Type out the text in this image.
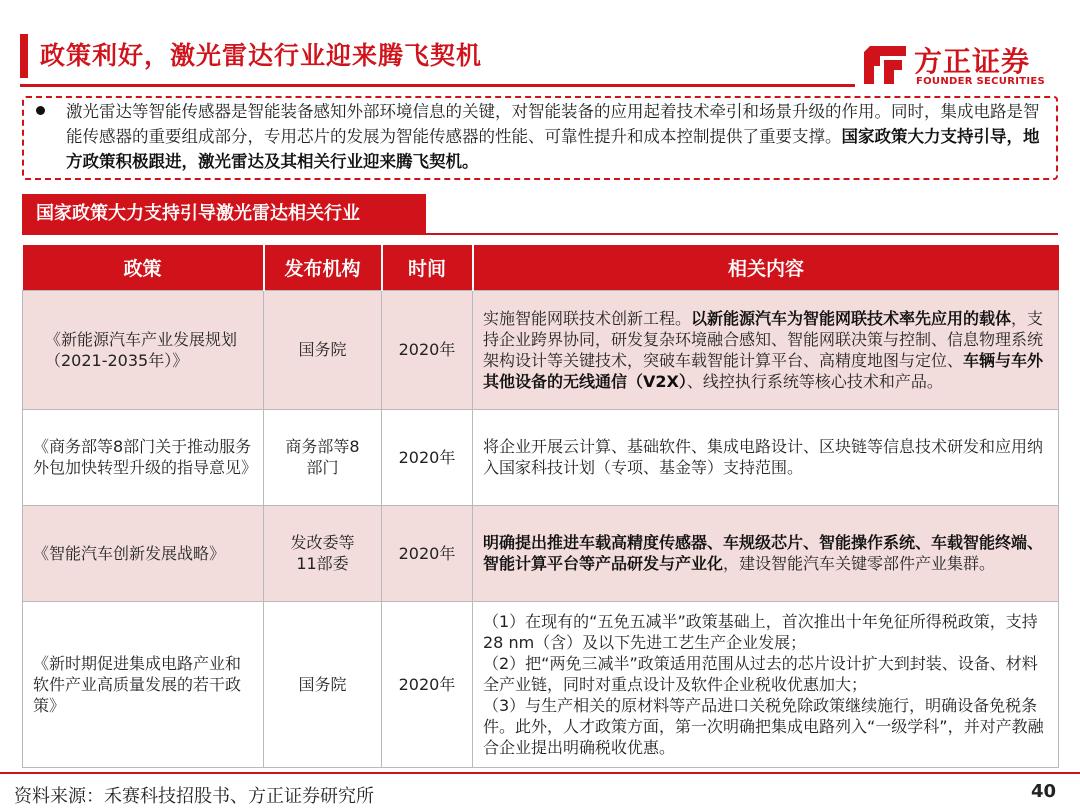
政策利好，激光雷达行业迎来腾飞契机	方正证券
FOUNDER SECURITIES
激光雷达等智能传感器是智能装备感知外部环境信息的关键，对智能装备的应用起着技术牵引和场景升级的作用。同时，集成电路是智能传感器的重要组成部分，专用芯片的发展为智能传感器的性能、可靠性提升和成本控制提供了重要支撑。国家政策大力支持引导，地方政策积极跟进，激光雷达及其相关行业迎来腾飞契机。
国家政策大力支持引导激光雷达相关行业
政策	发布机构	时间	相关内容
《新能源汽车产业发展规划（2021-2035年）》	国务院	2020年	实施智能网联技术创新工程。以新能源汽车为智能网联技术率先应用的载体，支持企业跨界协同，研发复杂环境融合感知、智能网联决策与控制、信息物理系统架构设计等关键技术，突破车载智能计算平台、高精度地图与定位、车辆与车外其他设备的无线通信（V2X）、线控执行系统等核心技术和产品。
《商务部等8部门关于推动服务外包加快转型升级的指导意见》	商务部等8部门	2020年	将企业开展云计算、基础软件、集成电路设计、区块链等信息技术研发和应用纳入国家科技计划（专项、基金等）支持范围。
《智能汽车创新发展战略》	发改委等11部委	2020年	明确提出推进车载高精度传感器、车规级芯片、智能操作系统、车载智能终端、智能计算平台等产品研发与产业化，建设智能汽车关键零部件产业集群。
《新时期促进集成电路产业和软件产业高质量发展的若干政策》	国务院	2020年	（1）在现有的“五免五减半”政策基础上，首次推出十年免征所得税政策，支持 28 nm（含）及以下先进工艺生产企业发展；
（2）把“两免三减半”政策适用范围从过去的芯片设计扩大到封装、设备、材料全产业链，同时对重点设计及软件企业税收优惠加大；
（3）与生产相关的原材料等产品进口关税免除政策继续施行，明确设备免税条件。此外，人才政策方面，第一次明确把集成电路列入“一级学科”，并对产教融合企业提出明确税收优惠。
资料来源：禾赛科技招股书、方正证券研究所	40
